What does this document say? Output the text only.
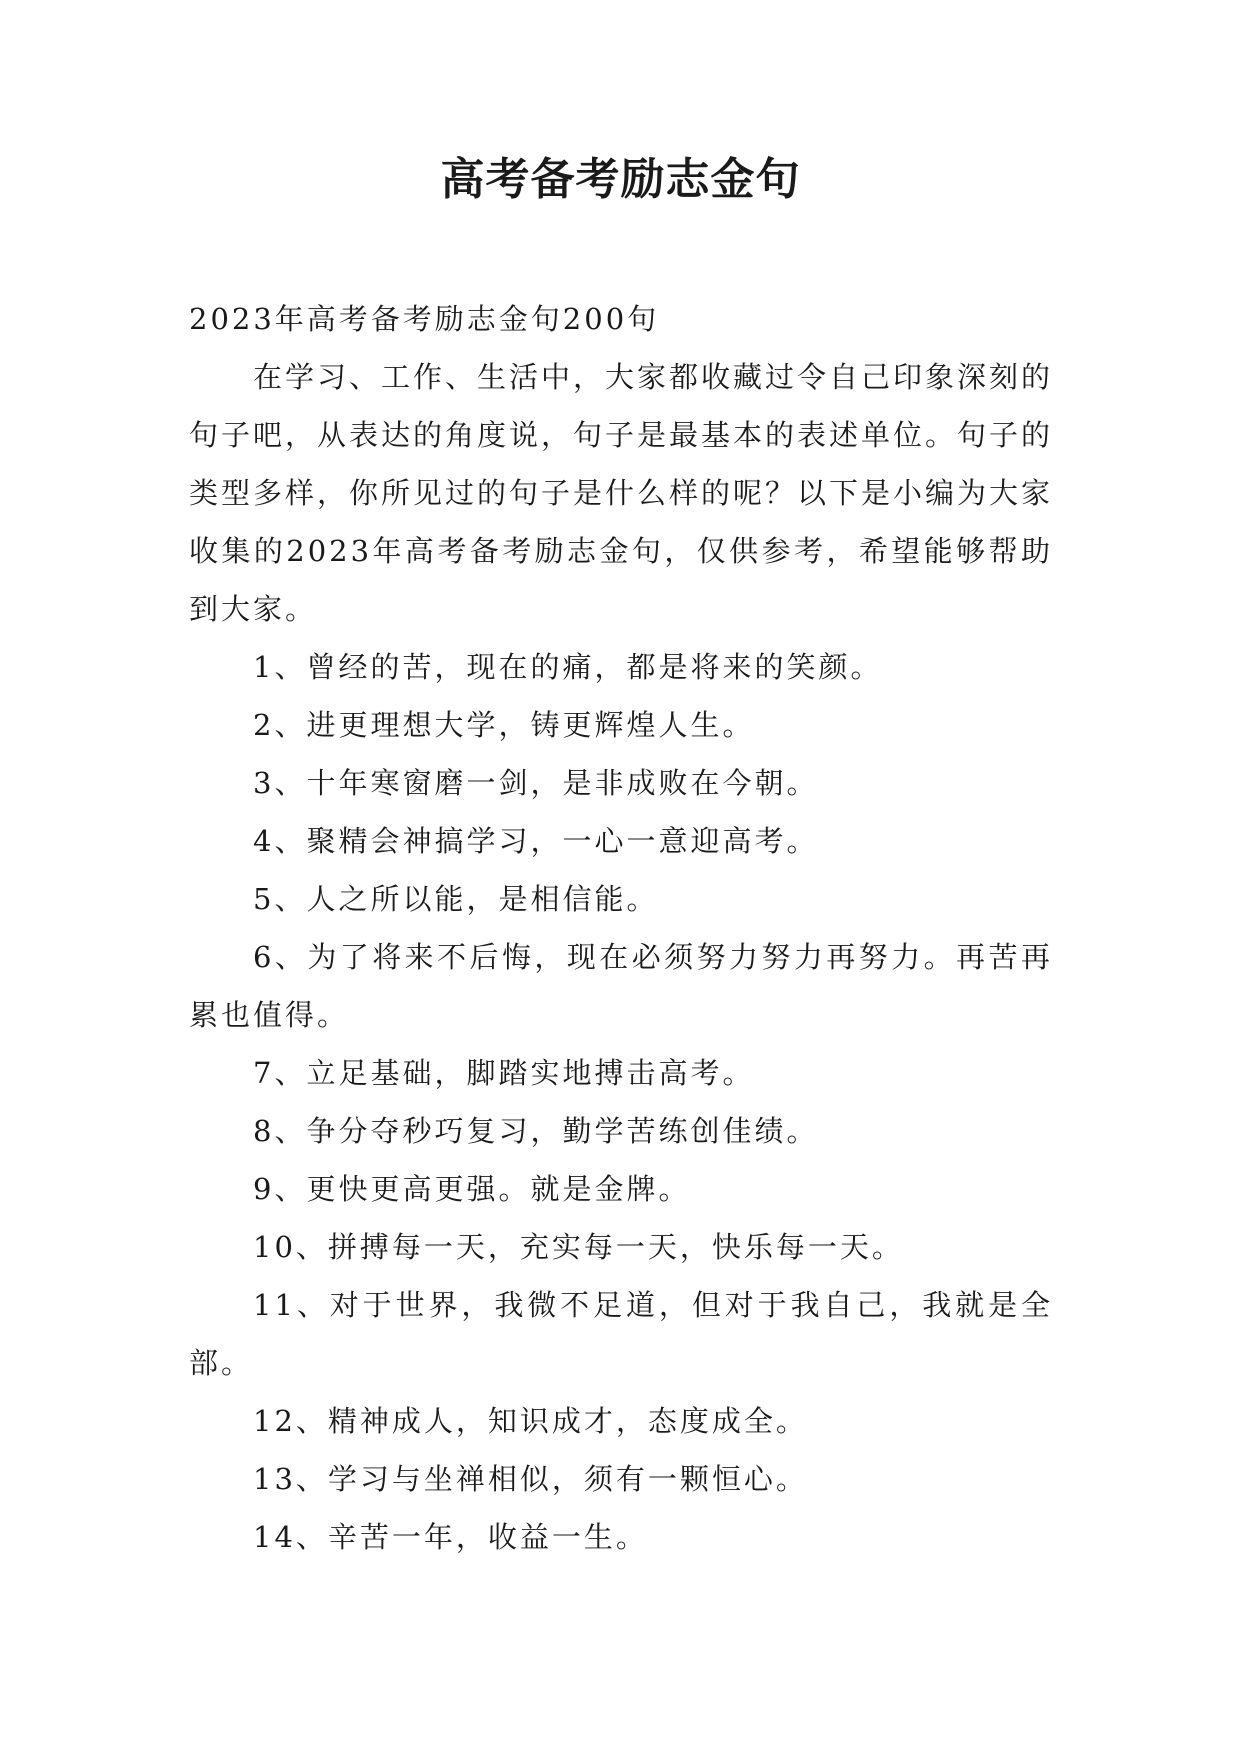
高考备考励志金句

2023年高考备考励志金句200句

在学习、工作、生活中，大家都收藏过令自己印象深刻的句子吧，从表达的角度说，句子是最基本的表述单位。句子的类型多样，你所见过的句子是什么样的呢？以下是小编为大家收集的2023年高考备考励志金句，仅供参考，希望能够帮助到大家。

1、曾经的苦，现在的痛，都是将来的笑颜。

2、进更理想大学，铸更辉煌人生。

3、十年寒窗磨一剑，是非成败在今朝。

4、聚精会神搞学习，一心一意迎高考。

5、人之所以能，是相信能。

6、为了将来不后悔，现在必须努力努力再努力。再苦再累也值得。

7、立足基础，脚踏实地搏击高考。

8、争分夺秒巧复习，勤学苦练创佳绩。

9、更快更高更强。就是金牌。

10、拼搏每一天，充实每一天，快乐每一天。

11、对于世界，我微不足道，但对于我自己，我就是全部。

12、精神成人，知识成才，态度成全。

13、学习与坐禅相似，须有一颗恒心。

14、辛苦一年，收益一生。
